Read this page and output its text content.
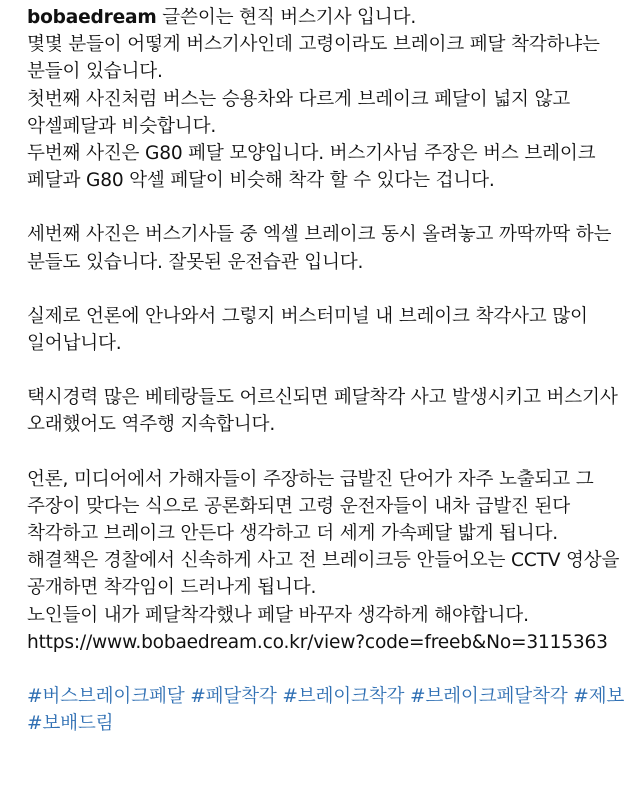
bobaedream 글쓴이는 현직 버스기사 입니다.

몇몇 분들이 어떻게 버스기사인데 고령이라도 브레이크 페달 착각하냐는 분들이 있습니다.

첫번째 사진처럼 버스는 승용차와 다르게 브레이크 페달이 넓지 않고 악셀페달과 비슷합니다.

두번째 사진은 G80 페달 모양입니다. 버스기사님 주장은 버스 브레이크 페달과 G80 악셀 페달이 비슷해 착각 할 수 있다는 겁니다.

세번째 사진은 버스기사들 중 엑셀 브레이크 동시 올려놓고 까딱까딱 하는 분들도 있습니다. 잘못된 운전습관 입니다.

실제로 언론에 안나와서 그렇지 버스터미널 내 브레이크 착각사고 많이 일어납니다.

택시경력 많은 베테랑들도 어르신되면 페달착각 사고 발생시키고 버스기사 오래했어도 역주행 지속합니다.

언론, 미디어에서 가해자들이 주장하는 급발진 단어가 자주 노출되고 그 주장이 맞다는 식으로 공론화되면 고령 운전자들이 내차 급발진 된다 착각하고 브레이크 안든다 생각하고 더 세게 가속페달 밟게 됩니다.

해결책은 경찰에서 신속하게 사고 전 브레이크등 안들어오는 CCTV 영상을 공개하면 착각임이 드러나게 됩니다.

노인들이 내가 페달착각했나 페달 바꾸자 생각하게 해야합니다.

https://www.bobaedream.co.kr/view?code=freeb&No=3115363

#버스브레이크페달 #페달착각 #브레이크착각 #브레이크페달착각 #제보 #보배드림
